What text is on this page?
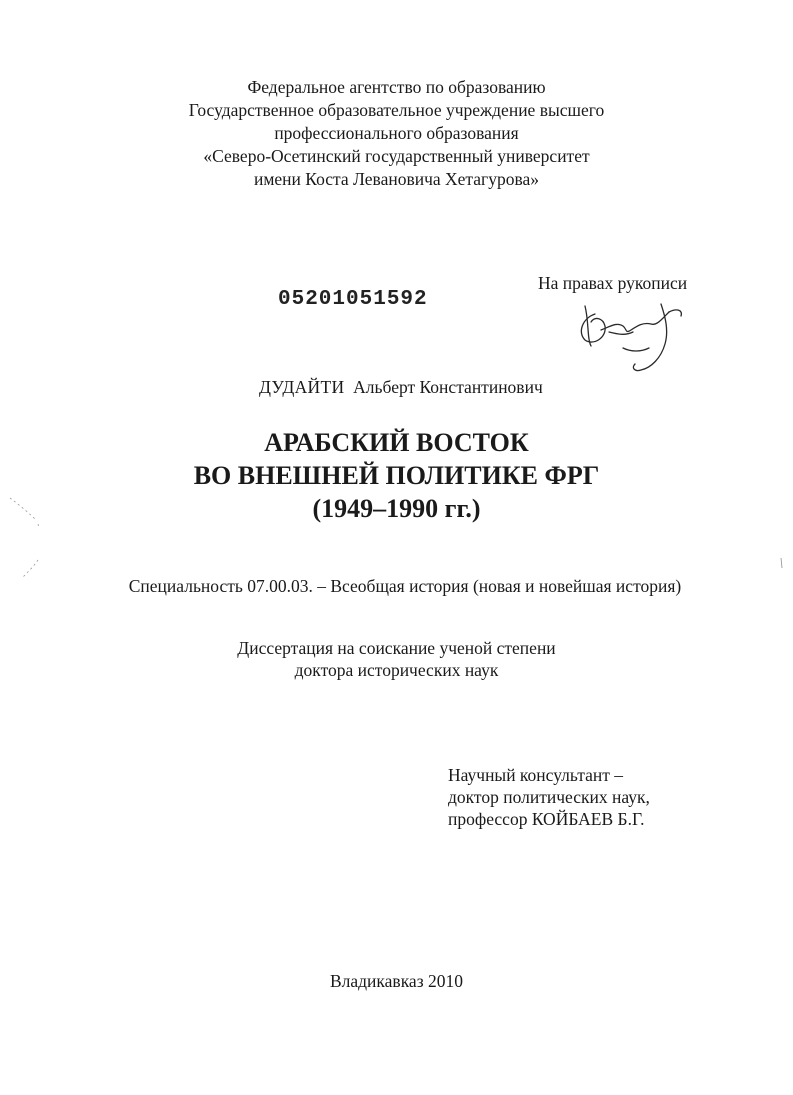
Федеральное агентство по образованию
Государственное образовательное учреждение высшего
профессионального образования
«Северо-Осетинский государственный университет
имени Коста Левановича Хетагурова»
05201051592
На правах рукописи
ДУДАЙТИ Альберт Константинович
АРАБСКИЙ ВОСТОК
ВО ВНЕШНЕЙ ПОЛИТИКЕ ФРГ
(1949–1990 гг.)
Специальность 07.00.03. – Всеобщая история (новая и новейшая история)
Диссертация на соискание ученой степени
доктора исторических наук
Научный консультант –
доктор политических наук,
профессор КОЙБАЕВ Б.Г.
Владикавказ 2010
